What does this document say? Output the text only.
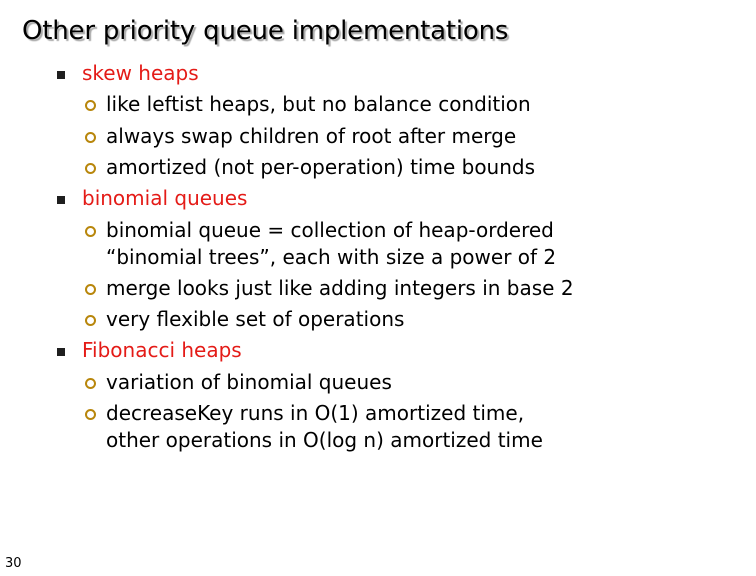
Other priority queue implementations
skew heaps
like leftist heaps, but no balance condition
always swap children of root after merge
amortized (not per-operation) time bounds
binomial queues
binomial queue = collection of heap-ordered
“binomial trees”, each with size a power of 2
merge looks just like adding integers in base 2
very flexible set of operations
Fibonacci heaps
variation of binomial queues
decreaseKey runs in O(1) amortized time,
other operations in O(log n) amortized time
30
